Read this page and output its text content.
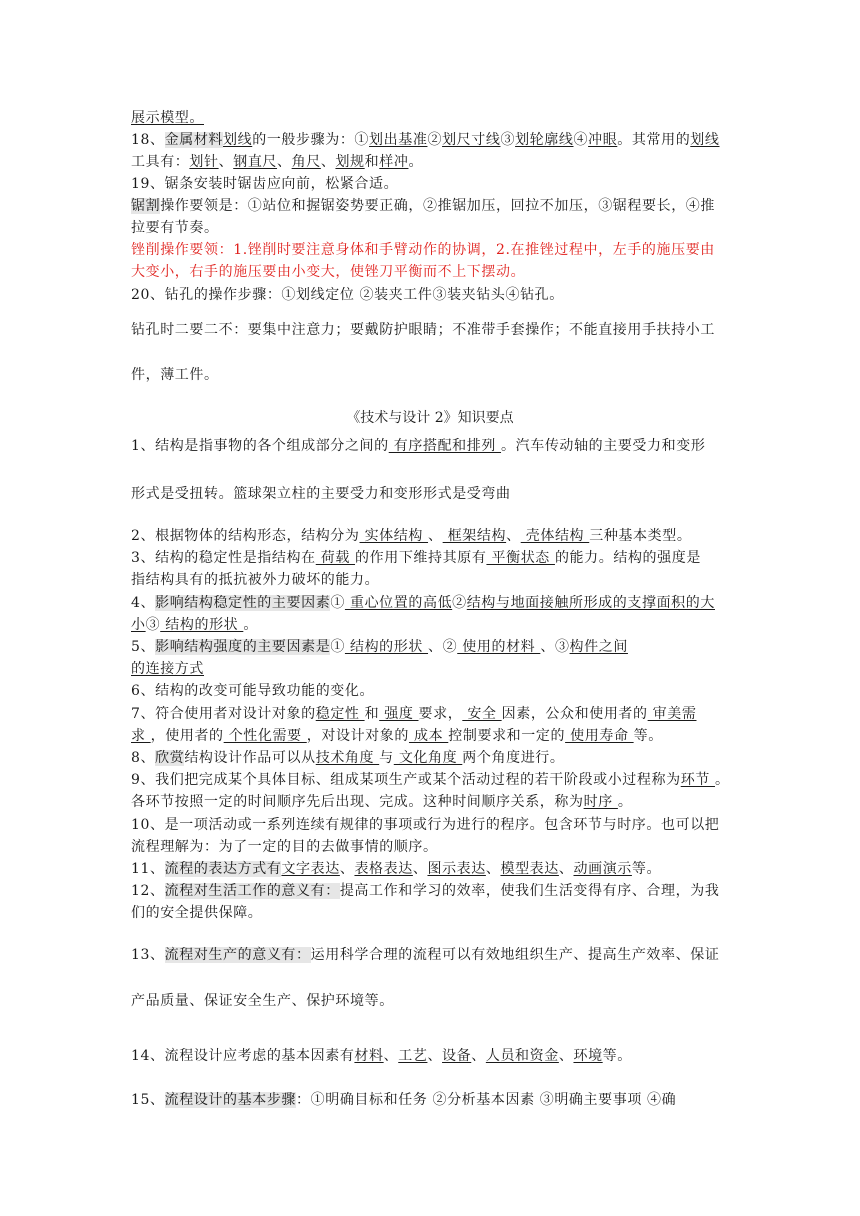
《技术与设计 2》知识要点
展示模型。
18、金属材料划线的一般步骤为：①划出基准②划尺寸线③划轮廓线④冲眼。其常用的划线
工具有：划针、钢直尺、角尺、划规和样冲。
19、锯条安装时锯齿应向前，松紧合适。
锯割操作要领是：①站位和握锯姿势要正确，②推锯加压，回拉不加压，③锯程要长，④推
拉要有节奏。
锉削操作要领：1.锉削时要注意身体和手臂动作的协调，2.在推锉过程中，左手的施压要由
大变小，右手的施压要由小变大，使锉刀平衡而不上下摆动。
20、钻孔的操作步骤：①划线定位 ②装夹工件③装夹钻头④钻孔。
钻孔时二要二不：要集中注意力；要戴防护眼睛；不准带手套操作；不能直接用手扶持小工
件，薄工件。
1、结构是指事物的各个组成部分之间的 有序搭配和排列 。汽车传动轴的主要受力和变形
形式是受扭转。篮球架立柱的主要受力和变形形式是受弯曲
2、根据物体的结构形态，结构分为 实体结构 、 框架结构、 壳体结构 三种基本类型。
3、结构的稳定性是指结构在 荷载 的作用下维持其原有 平衡状态 的能力。结构的强度是
指结构具有的抵抗被外力破坏的能力。
4、影响结构稳定性的主要因素① 重心位置的高低②结构与地面接触所形成的支撑面积的大
小③ 结构的形状 。
5、影响结构强度的主要因素是① 结构的形状 、② 使用的材料 、③构件之间
的连接方式
6、结构的改变可能导致功能的变化。
7、符合使用者对设计对象的稳定性 和 强度 要求， 安全 因素，公众和使用者的 审美需
求 ，使用者的 个性化需要 ，对设计对象的 成本 控制要求和一定的 使用寿命 等。
8、欣赏结构设计作品可以从技术角度 与 文化角度 两个角度进行。
9、我们把完成某个具体目标、组成某项生产或某个活动过程的若干阶段或小过程称为环节 。
各环节按照一定的时间顺序先后出现、完成。这种时间顺序关系，称为时序 。
10、是一项活动或一系列连续有规律的事项或行为进行的程序。包含环节与时序。也可以把
流程理解为：为了一定的目的去做事情的顺序。
11、流程的表达方式有文字表达、表格表达、图示表达、模型表达、动画演示等。
12、流程对生活工作的意义有：提高工作和学习的效率，使我们生活变得有序、合理，为我
们的安全提供保障。
13、流程对生产的意义有：运用科学合理的流程可以有效地组织生产、提高生产效率、保证
产品质量、保证安全生产、保护环境等。
14、流程设计应考虑的基本因素有材料、工艺、设备、人员和资金、环境等。
15、流程设计的基本步骤：①明确目标和任务 ②分析基本因素 ③明确主要事项 ④确
